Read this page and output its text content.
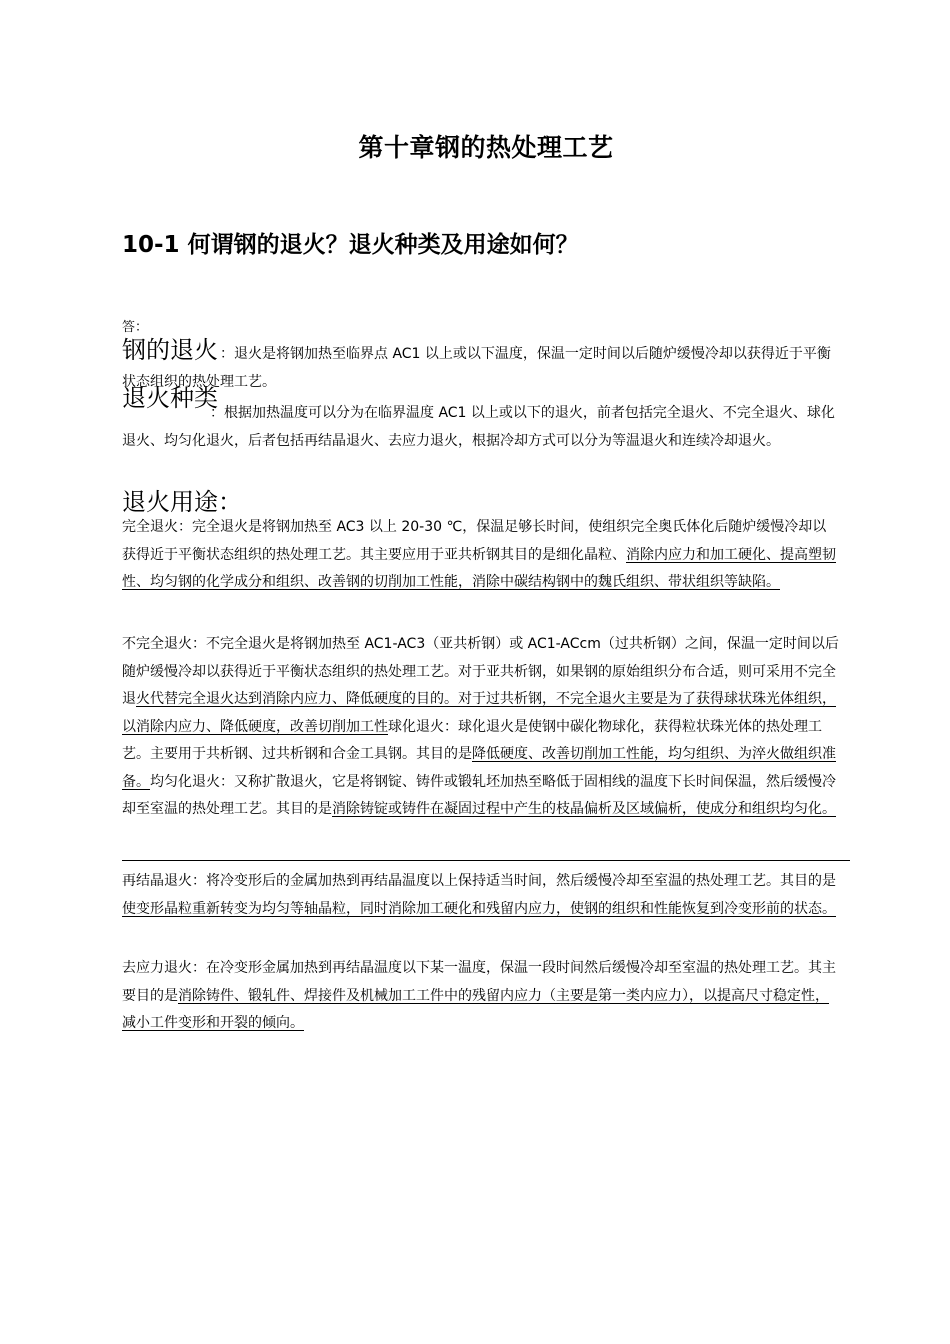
第十章钢的热处理工艺
10-1 何谓钢的退火？退火种类及用途如何？
答：
钢的退火 ：退火是将钢加热至临界点 AC1 以上或以下温度，保温一定时间以后随炉缓慢冷却以获得近于平衡状态组织的热处理工艺。
退火种类
：根据加热温度可以分为在临界温度 AC1 以上或以下的退火，前者包括完全退火、不完全退火、球化退火、均匀化退火，后者包括再结晶退火、去应力退火，根据冷却方式可以分为等温退火和连续冷却退火。
退火用途：
完全退火：完全退火是将钢加热至 AC3 以上 20-30 ℃，保温足够长时间，使组织完全奥氏体化后随炉缓慢冷却以获得近于平衡状态组织的热处理工艺。其主要应用于亚共析钢其目的是细化晶粒、消除内应力和加工硬化、提高塑韧性、均匀钢的化学成分和组织、改善钢的切削加工性能，消除中碳结构钢中的魏氏组织、带状组织等缺陷。
不完全退火：不完全退火是将钢加热至 AC1-AC3（亚共析钢）或 AC1-ACcm（过共析钢）之间，保温一定时间以后随炉缓慢冷却以获得近于平衡状态组织的热处理工艺。对于亚共析钢，如果钢的原始组织分布合适，则可采用不完全退火代替完全退火达到消除内应力、降低硬度的目的。对于过共析钢，不完全退火主要是为了获得球状珠光体组织，以消除内应力、降低硬度，改善切削加工性球化退火：球化退火是使钢中碳化物球化，获得粒状珠光体的热处理工艺。主要用于共析钢、过共析钢和合金工具钢。其目的是降低硬度、改善切削加工性能，均匀组织、为淬火做组织准备。均匀化退火：又称扩散退火，它是将钢锭、铸件或锻轧坯加热至略低于固相线的温度下长时间保温，然后缓慢冷却至室温的热处理工艺。其目的是消除铸锭或铸件在凝固过程中产生的枝晶偏析及区域偏析，使成分和组织均匀化。
再结晶退火：将冷变形后的金属加热到再结晶温度以上保持适当时间，然后缓慢冷却至室温的热处理工艺。其目的是使变形晶粒重新转变为均匀等轴晶粒，同时消除加工硬化和残留内应力，使钢的组织和性能恢复到冷变形前的状态。
去应力退火：在冷变形金属加热到再结晶温度以下某一温度，保温一段时间然后缓慢冷却至室温的热处理工艺。其主要目的是消除铸件、锻轧件、焊接件及机械加工工件中的残留内应力（主要是第一类内应力），以提高尺寸稳定性，减小工件变形和开裂的倾向。
